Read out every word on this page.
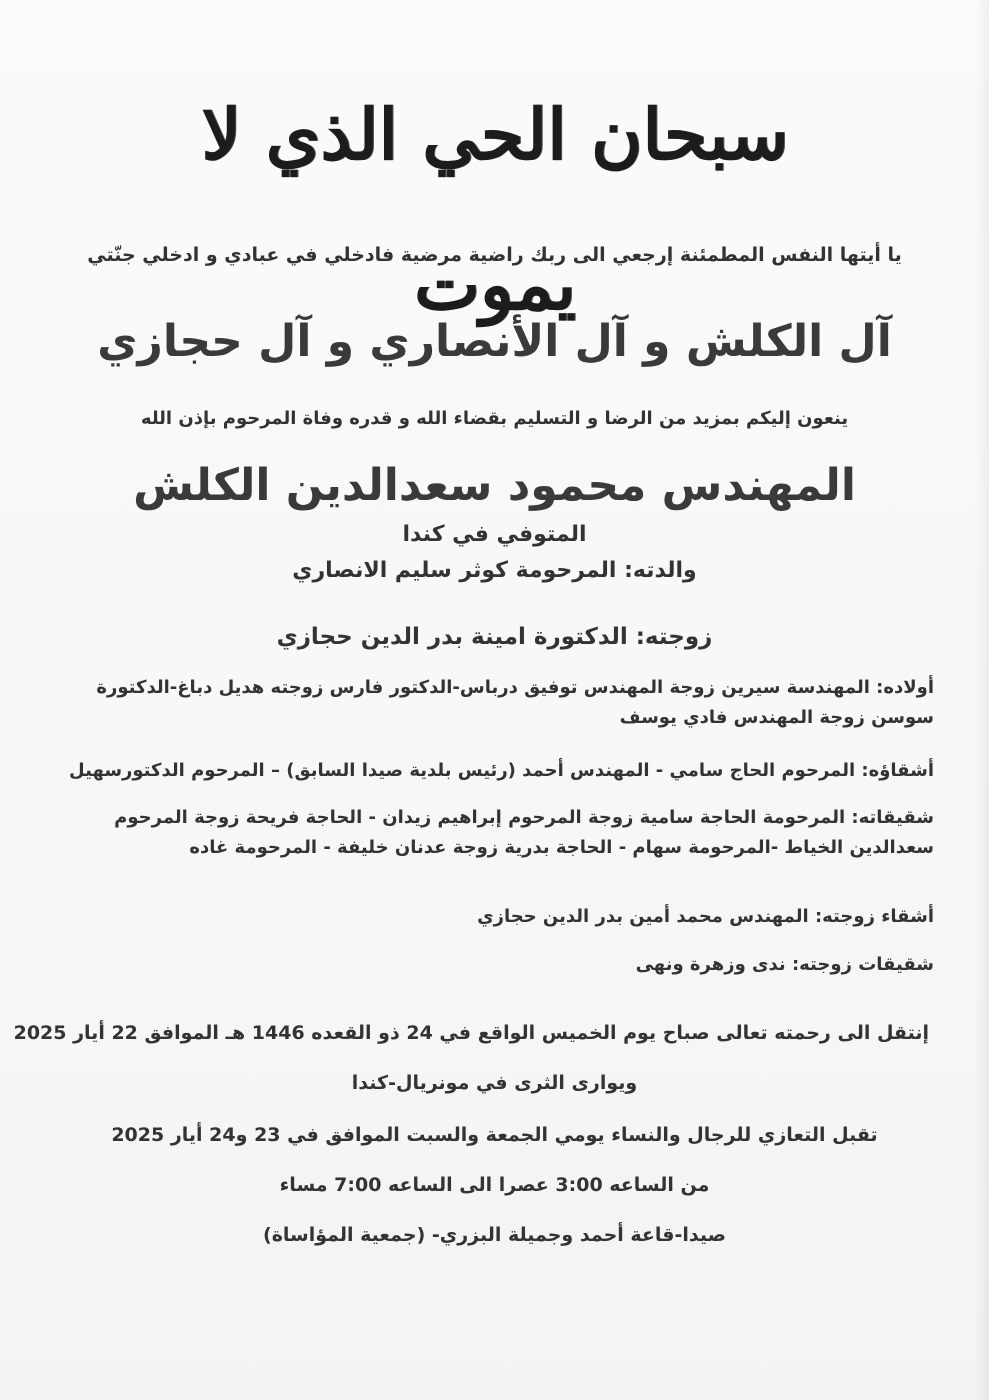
سبحان الحي الذي لا يموت
يا أيتها النفس المطمئنة إرجعي الى ربك راضية مرضية فادخلي في عبادي و ادخلي جنّتي
آل الكلش و آل الأنصاري و آل حجازي
ينعون إليكم بمزيد من الرضا و التسليم بقضاء الله و قدره وفاة المرحوم بإذن الله
المهندس محمود سعدالدين الكلش
المتوفي في كندا
والدته: المرحومة كوثر سليم الانصاري
زوجته: الدكتورة امينة بدر الدين حجازي
أولاده: المهندسة سيرين زوجة المهندس توفيق درباس-الدكتور فارس زوجته هديل دباغ-الدكتورة سوسن زوجة المهندس فادي يوسف
أشقاؤه: المرحوم الحاج سامي - المهندس أحمد (رئيس بلدية صيدا السابق) – المرحوم الدكتورسهيل
شقيقاته: المرحومة الحاجة سامية زوجة المرحوم إبراهيم زيدان - الحاجة فريحة زوجة المرحوم سعدالدين الخياط -المرحومة سهام - الحاجة بدرية زوجة عدنان خليفة - المرحومة غاده
أشقاء زوجته: المهندس محمد أمين بدر الدين حجازي
شقيقات زوجته: ندى وزهرة ونهى
إنتقل الى رحمته تعالى صباح يوم الخميس الواقع في 24 ذو القعده 1446 هـ الموافق 22 أيار 2025
ويوارى الثرى في مونريال-كندا
تقبل التعازي للرجال والنساء يومي الجمعة والسبت الموافق في 23 و24 أيار 2025
من الساعه 3:00 عصرا الى الساعه 7:00 مساء
صيدا-قاعة أحمد وجميلة البزري- (جمعية المؤاساة)
